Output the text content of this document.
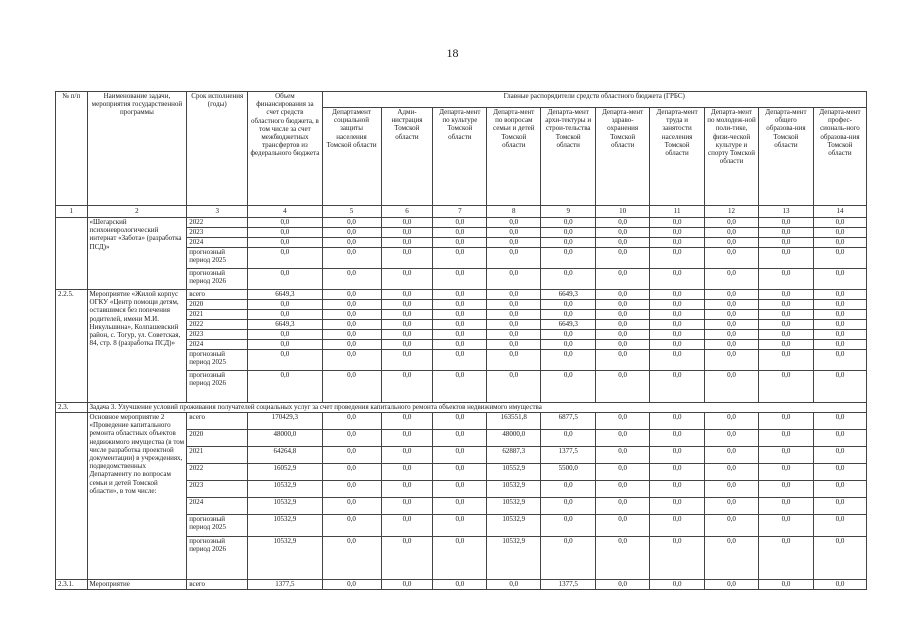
18
№ п/п	Наименование задачи, мероприятия государственной программы	Срок исполнения (годы)	Объем финансирования за счет средств областного бюджета, в том числе за счет межбюджетных трансфертов из федерального бюджета	Главные распорядители средств областного бюджета (ГРБС)									
				Департамент социальной защиты населения Томской области	Адми-нистрация Томской области	Департа-мент по культуре Томской области	Департа-мент по вопросам семьи и детей Томской области	Департа-мент архи-тектуры и строи-тельства Томской области	Департа-мент здраво-охранения Томской области	Департа-мент труда и занятости населения Томской области	Департа-мент по молодеж-ной поли-тике, физи-ческой культуре и спорту Томской области	Департа-мент общего образова-ния Томской области	Департа-мент профес-сиональ-ного образова-ния Томской области
1	2	3	4	5	6	7	8	9	10	11	12	13	14
	«Шегарский психоневрологический интернат «Забота» (разработка ПСД)»	2022	0,0	0,0	0,0	0,0	0,0	0,0	0,0	0,0	0,0	0,0	0,0
		2023	0,0	0,0	0,0	0,0	0,0	0,0	0,0	0,0	0,0	0,0	0,0
		2024	0,0	0,0	0,0	0,0	0,0	0,0	0,0	0,0	0,0	0,0	0,0
		прогнозный период 2025	0,0	0,0	0,0	0,0	0,0	0,0	0,0	0,0	0,0	0,0	0,0
		прогнозный период 2026	0,0	0,0	0,0	0,0	0,0	0,0	0,0	0,0	0,0	0,0	0,0
2.2.5.	Мероприятие «Жилой корпус ОГКУ «Центр помощи детям, оставшимся без попечения родителей, имени М.И. Никульшина», Колпашевский район, с. Тогур, ул. Советская, 84, стр. 8 (разработка ПСД)»	всего	6649,3	0,0	0,0	0,0	0,0	6649,3	0,0	0,0	0,0	0,0	0,0
		2020	0,0	0,0	0,0	0,0	0,0	0,0	0,0	0,0	0,0	0,0	0,0
		2021	0,0	0,0	0,0	0,0	0,0	0,0	0,0	0,0	0,0	0,0	0,0
		2022	6649,3	0,0	0,0	0,0	0,0	6649,3	0,0	0,0	0,0	0,0	0,0
		2023	0,0	0,0	0,0	0,0	0,0	0,0	0,0	0,0	0,0	0,0	0,0
		2024	0,0	0,0	0,0	0,0	0,0	0,0	0,0	0,0	0,0	0,0	0,0
		прогнозный период 2025	0,0	0,0	0,0	0,0	0,0	0,0	0,0	0,0	0,0	0,0	0,0
		прогнозный период 2026	0,0	0,0	0,0	0,0	0,0	0,0	0,0	0,0	0,0	0,0	0,0
2.3.	Задача 3. Улучшение условий проживания получателей социальных услуг за счет проведения капитального ремонта объектов недвижимого имущества												
	Основное мероприятие 2 «Проведение капитального ремонта областных объектов недвижимого имущества (в том числе разработка проектной документации) в учреждениях, подведомственных Департаменту по вопросам семьи и детей Томской области», в том числе:	всего	170429,3	0,0	0,0	0,0	163551,8	6877,5	0,0	0,0	0,0	0,0	0,0
		2020	48000,0	0,0	0,0	0,0	48000,0	0,0	0,0	0,0	0,0	0,0	0,0
		2021	64264,8	0,0	0,0	0,0	62887,3	1377,5	0,0	0,0	0,0	0,0	0,0
		2022	16052,9	0,0	0,0	0,0	10552,9	5500,0	0,0	0,0	0,0	0,0	0,0
		2023	10532,9	0,0	0,0	0,0	10532,9	0,0	0,0	0,0	0,0	0,0	0,0
		2024	10532,9	0,0	0,0	0,0	10532,9	0,0	0,0	0,0	0,0	0,0	0,0
		прогнозный период 2025	10532,9	0,0	0,0	0,0	10532,9	0,0	0,0	0,0	0,0	0,0	0,0
		прогнозный период 2026	10532,9	0,0	0,0	0,0	10532,9	0,0	0,0	0,0	0,0	0,0	0,0
2.3.1.	Мероприятие	всего	1377,5	0,0	0,0	0,0	0,0	1377,5	0,0	0,0	0,0	0,0	0,0
